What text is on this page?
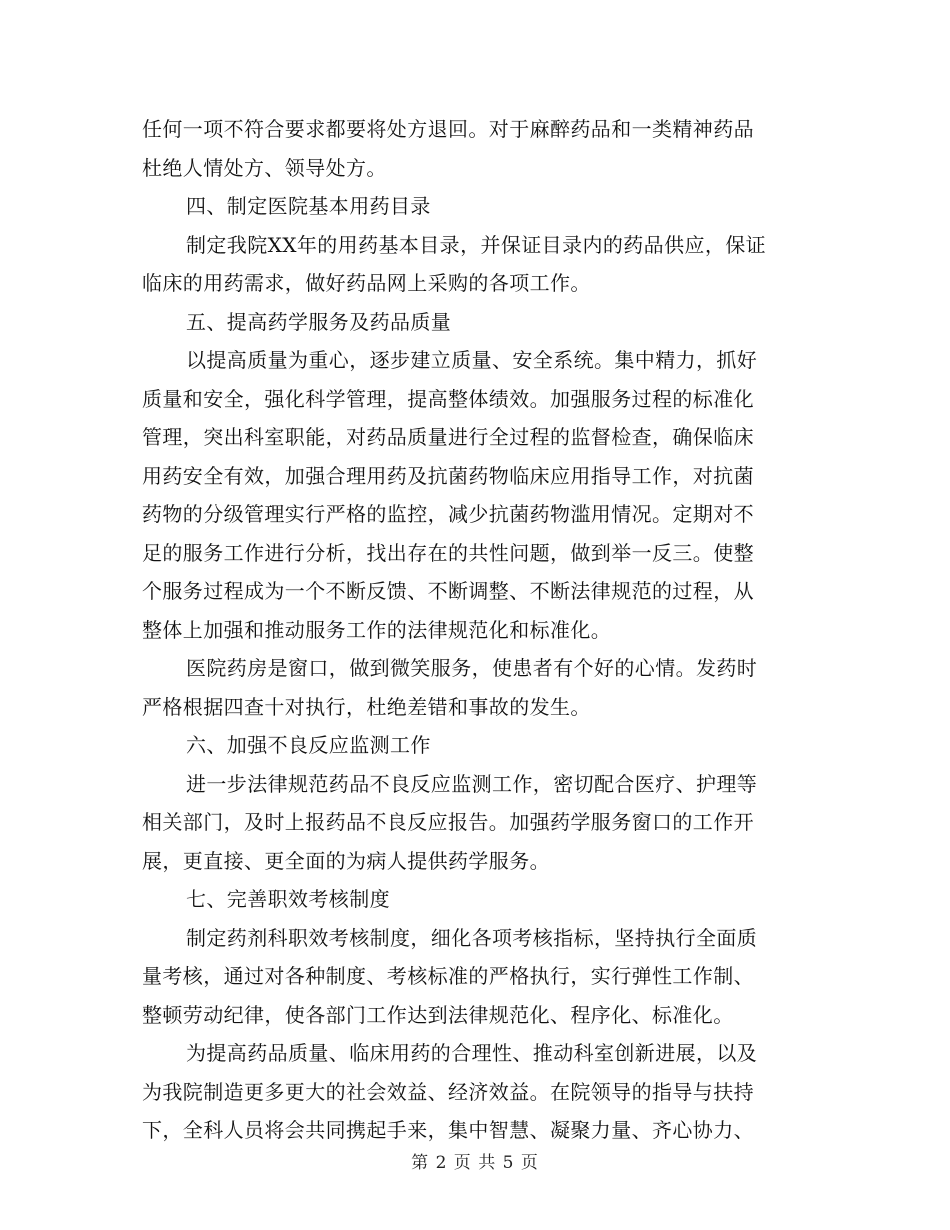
任何一项不符合要求都要将处方退回。对于麻醉药品和一类精神药品
杜绝人情处方、领导处方。
四、制定医院基本用药目录
制定我院XX年的用药基本目录，并保证目录内的药品供应，保证
临床的用药需求，做好药品网上采购的各项工作。
五、提高药学服务及药品质量
以提高质量为重心，逐步建立质量、安全系统。集中精力，抓好
质量和安全，强化科学管理，提高整体绩效。加强服务过程的标准化
管理，突出科室职能，对药品质量进行全过程的监督检查，确保临床
用药安全有效，加强合理用药及抗菌药物临床应用指导工作，对抗菌
药物的分级管理实行严格的监控，减少抗菌药物滥用情况。定期对不
足的服务工作进行分析，找出存在的共性问题，做到举一反三。使整
个服务过程成为一个不断反馈、不断调整、不断法律规范的过程，从
整体上加强和推动服务工作的法律规范化和标准化。
医院药房是窗口，做到微笑服务，使患者有个好的心情。发药时
严格根据四查十对执行，杜绝差错和事故的发生。
六、加强不良反应监测工作
进一步法律规范药品不良反应监测工作，密切配合医疗、护理等
相关部门，及时上报药品不良反应报告。加强药学服务窗口的工作开
展，更直接、更全面的为病人提供药学服务。
七、完善职效考核制度
制定药剂科职效考核制度，细化各项考核指标，坚持执行全面质
量考核，通过对各种制度、考核标准的严格执行，实行弹性工作制、
整顿劳动纪律，使各部门工作达到法律规范化、程序化、标准化。
为提高药品质量、临床用药的合理性、推动科室创新进展，以及
为我院制造更多更大的社会效益、经济效益。在院领导的指导与扶持
下，全科人员将会共同携起手来，集中智慧、凝聚力量、齐心协力、
第 2 页 共 5 页
